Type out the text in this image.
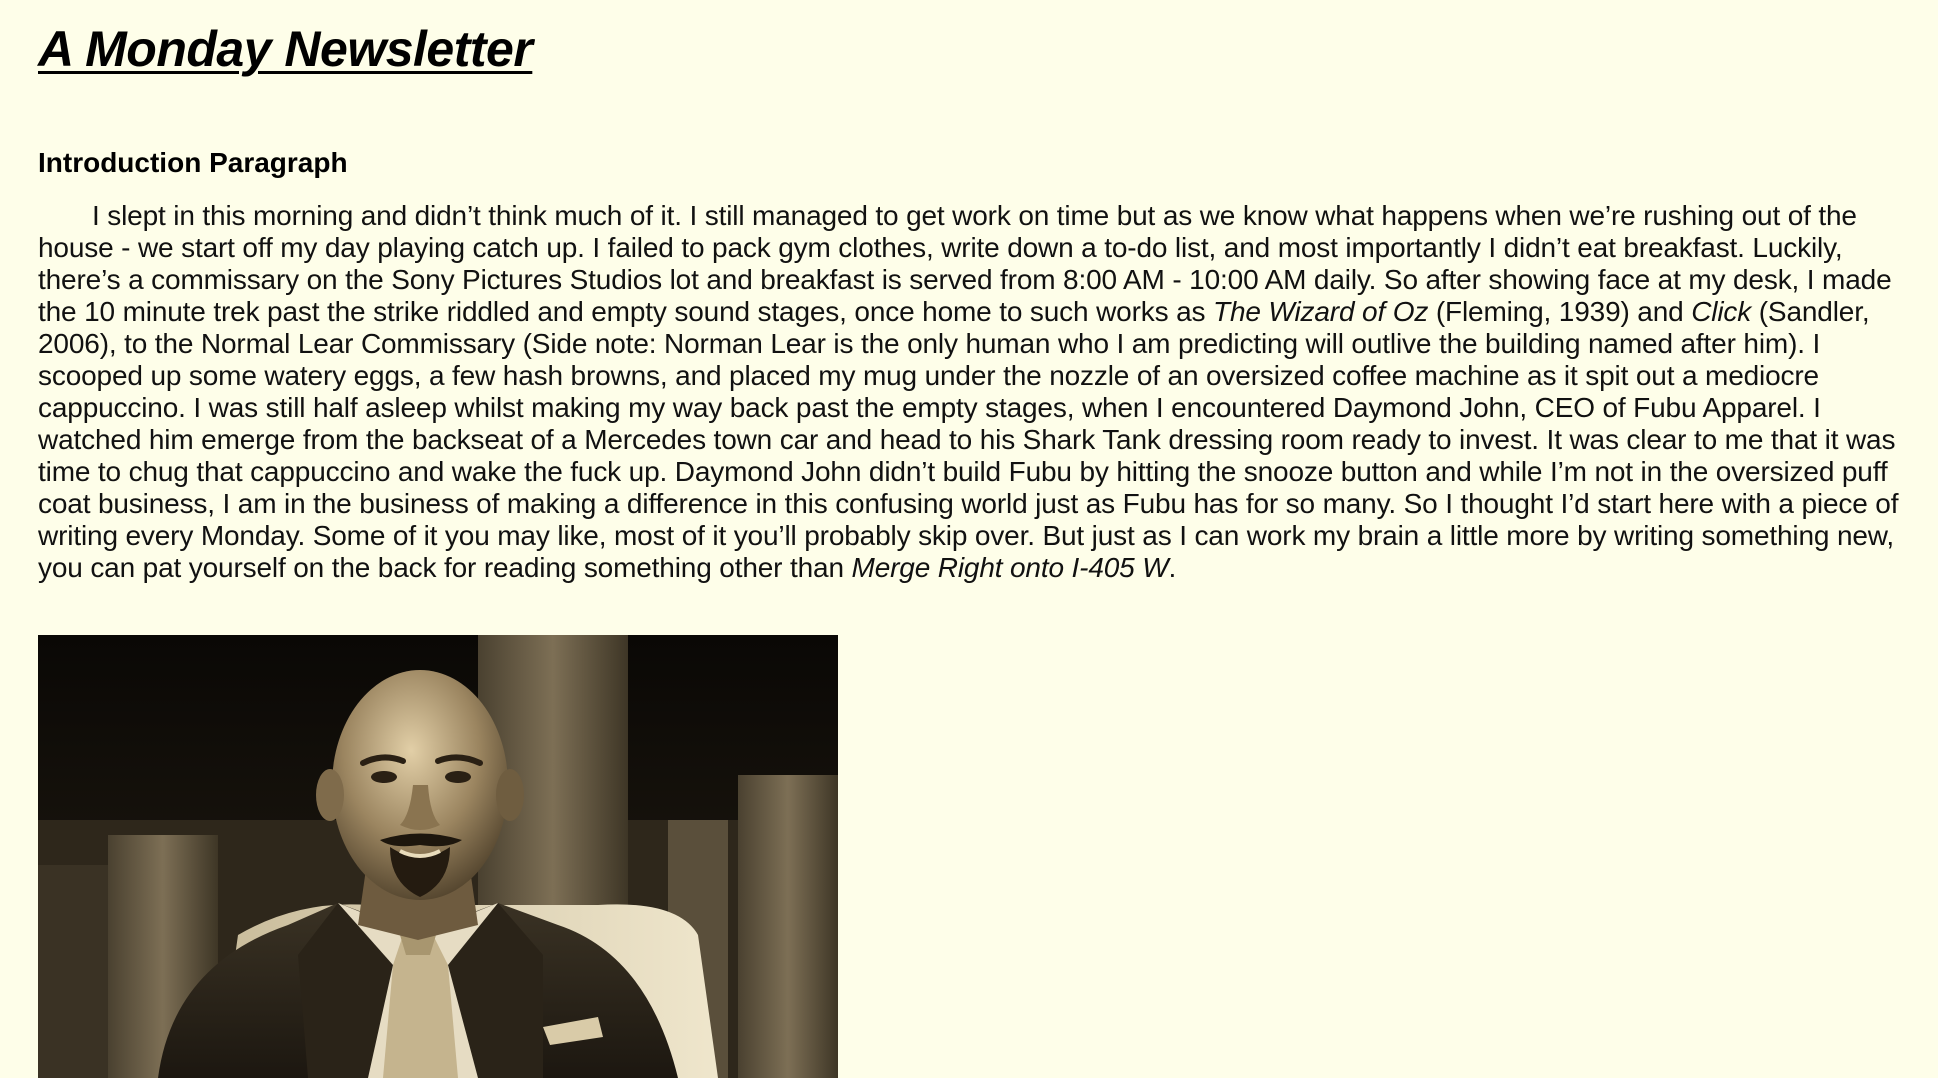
A Monday Newsletter
Introduction Paragraph

I slept in this morning and didn’t think much of it. I still managed to get work on time but as we know what happens when we’re rushing out of the house - we start off my day playing catch up. I failed to pack gym clothes, write down a to-do list, and most importantly I didn’t eat breakfast. Luckily, there’s a commissary on the Sony Pictures Studios lot and breakfast is served from 8:00 AM - 10:00 AM daily. So after showing face at my desk, I made the 10 minute trek past the strike riddled and empty sound stages, once home to such works as The Wizard of Oz (Fleming, 1939) and Click (Sandler, 2006), to the Normal Lear Commissary (Side note: Norman Lear is the only human who I am predicting will outlive the building named after him). I scooped up some watery eggs, a few hash browns, and placed my mug under the nozzle of an oversized coffee machine as it spit out a mediocre cappuccino. I was still half asleep whilst making my way back past the empty stages, when I encountered Daymond John, CEO of Fubu Apparel. I watched him emerge from the backseat of a Mercedes town car and head to his Shark Tank dressing room ready to invest. It was clear to me that it was time to chug that cappuccino and wake the fuck up. Daymond John didn’t build Fubu by hitting the snooze button and while I’m not in the oversized puff coat business, I am in the business of making a difference in this confusing world just as Fubu has for so many. So I thought I’d start here with a piece of writing every Monday. Some of it you may like, most of it you’ll probably skip over. But just as I can work my brain a little more by writing something new, you can pat yourself on the back for reading something other than Merge Right onto I-405 W.
